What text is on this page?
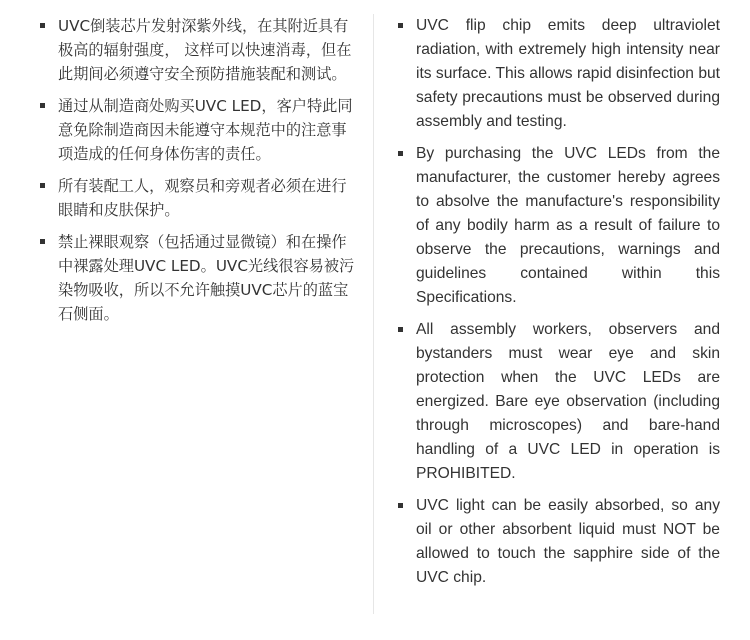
UVC倒装芯片发射深紫外线，在其附近具有极高的辐射强度， 这样可以快速消毒，但在此期间必须遵守安全预防措施装配和测试。
通过从制造商处购买UVC LED，客户特此同意免除制造商因未能遵守本规范中的注意事项造成的任何身体伤害的责任。
所有装配工人，观察员和旁观者必须在进行眼睛和皮肤保护。
禁止裸眼观察（包括通过显微镜）和在操作中裸露处理UVC LED。UVC光线很容易被污染物吸收，所以不允许触摸UVC芯片的蓝宝石侧面。
UVC flip chip emits deep ultraviolet radiation, with extremely high intensity near its surface. This allows rapid disinfection but safety precautions must be observed during assembly and testing.
By purchasing the UVC LEDs from the manufacturer, the customer hereby agrees to absolve the manufacture's responsibility of any bodily harm as a result of failure to observe the precautions, warnings and guidelines contained within this Specifications.
All assembly workers, observers and bystanders must wear eye and skin protection when the UVC LEDs are energized. Bare eye observation (including through microscopes) and bare-hand handling of a UVC LED in operation is PROHIBITED.
UVC light can be easily absorbed, so any oil or other absorbent liquid must NOT be allowed to touch the sapphire side of the UVC chip.
